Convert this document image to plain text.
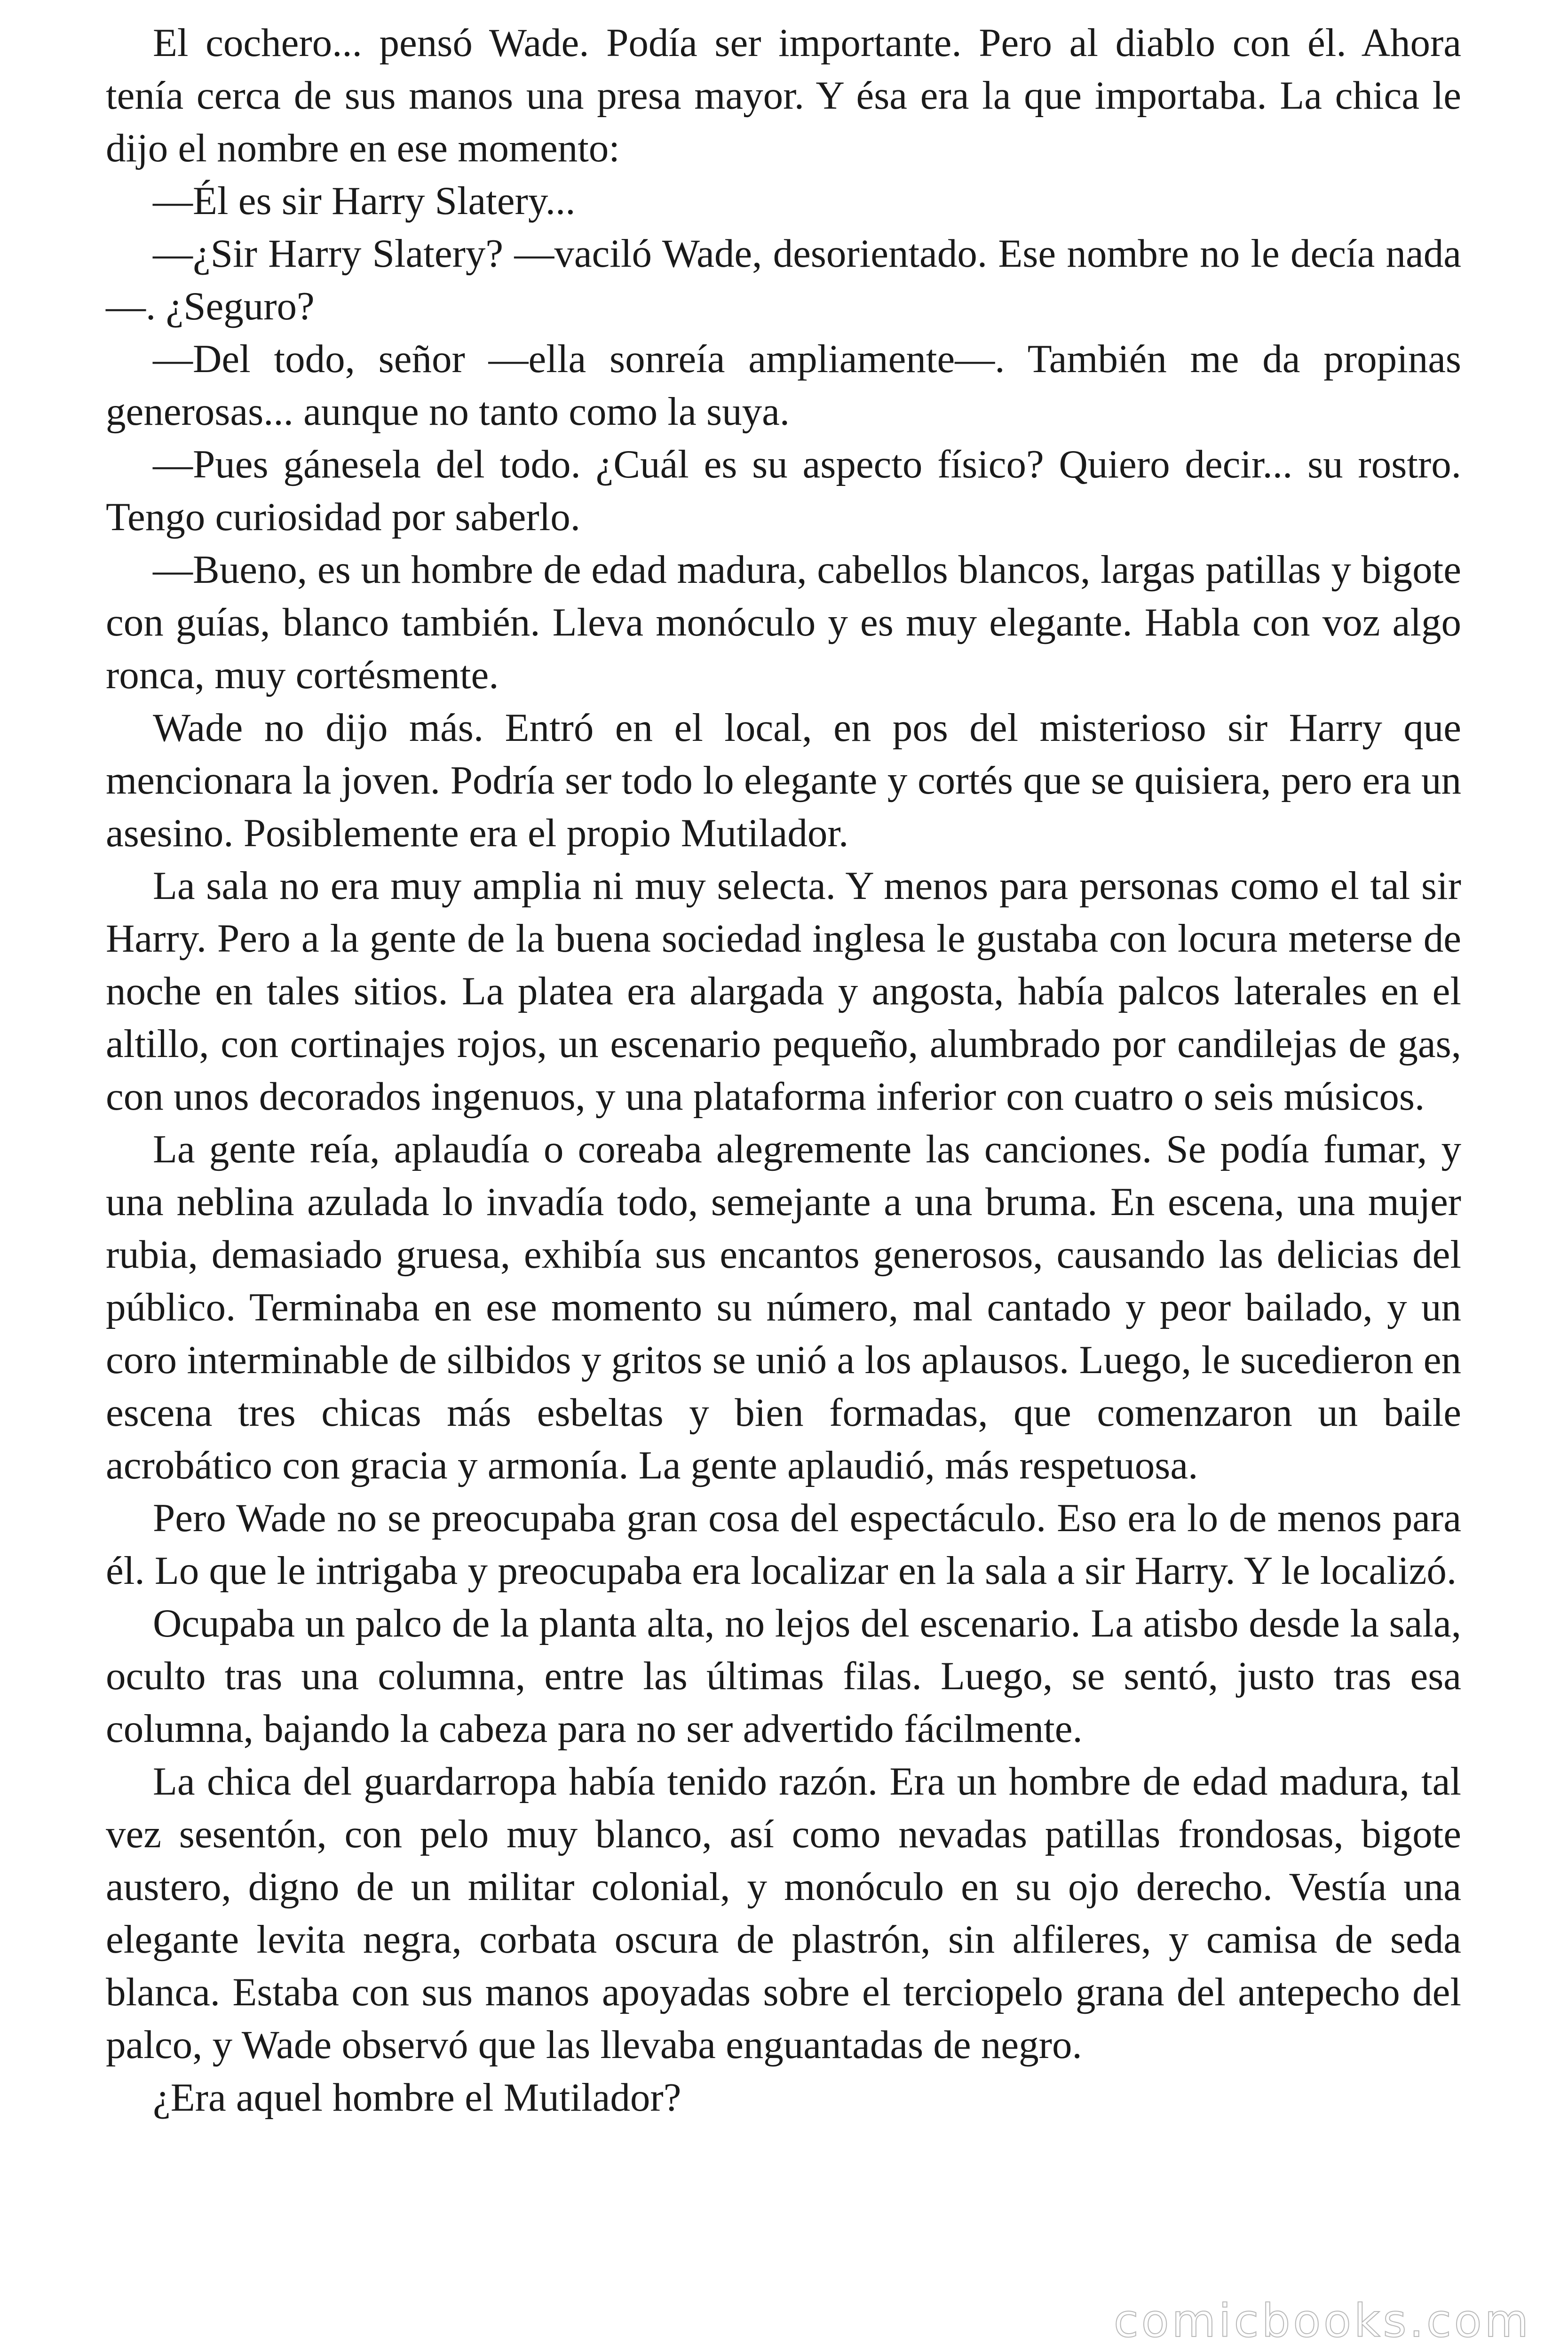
El cochero... pensó Wade. Podía ser importante. Pero al diablo con él. Ahora tenía cerca de sus manos una presa mayor. Y ésa era la que importaba. La chica le dijo el nombre en ese momento:

—Él es sir Harry Slatery...

—¿Sir Harry Slatery? —vaciló Wade, desorientado. Ese nombre no le decía nada—. ¿Seguro?

—Del todo, señor —ella sonreía ampliamente—. También me da propinas generosas... aunque no tanto como la suya.

—Pues gánesela del todo. ¿Cuál es su aspecto físico? Quiero decir... su rostro. Tengo curiosidad por saberlo.

—Bueno, es un hombre de edad madura, cabellos blancos, largas patillas y bigote con guías, blanco también. Lleva monóculo y es muy elegante. Habla con voz algo ronca, muy cortésmente.

Wade no dijo más. Entró en el local, en pos del misterioso sir Harry que mencionara la joven. Podría ser todo lo elegante y cortés que se quisiera, pero era un asesino. Posiblemente era el propio Mutilador.

La sala no era muy amplia ni muy selecta. Y menos para personas como el tal sir Harry. Pero a la gente de la buena sociedad inglesa le gustaba con locura meterse de noche en tales sitios. La platea era alargada y angosta, había palcos laterales en el altillo, con cortinajes rojos, un escenario pequeño, alumbrado por candilejas de gas, con unos decorados ingenuos, y una plataforma inferior con cuatro o seis músicos.

La gente reía, aplaudía o coreaba alegremente las canciones. Se podía fumar, y una neblina azulada lo invadía todo, semejante a una bruma. En escena, una mujer rubia, demasiado gruesa, exhibía sus encantos generosos, causando las delicias del público. Terminaba en ese momento su número, mal cantado y peor bailado, y un coro interminable de silbidos y gritos se unió a los aplausos. Luego, le sucedieron en escena tres chicas más esbeltas y bien formadas, que comenzaron un baile acrobático con gracia y armonía. La gente aplaudió, más respetuosa.

Pero Wade no se preocupaba gran cosa del espectáculo. Eso era lo de menos para él. Lo que le intrigaba y preocupaba era localizar en la sala a sir Harry. Y le localizó.

Ocupaba un palco de la planta alta, no lejos del escenario. La atisbo desde la sala, oculto tras una columna, entre las últimas filas. Luego, se sentó, justo tras esa columna, bajando la cabeza para no ser advertido fácilmente.

La chica del guardarropa había tenido razón. Era un hombre de edad madura, tal vez sesentón, con pelo muy blanco, así como nevadas patillas frondosas, bigote austero, digno de un militar colonial, y monóculo en su ojo derecho. Vestía una elegante levita negra, corbata oscura de plastrón, sin alfileres, y camisa de seda blanca. Estaba con sus manos apoyadas sobre el terciopelo grana del antepecho del palco, y Wade observó que las llevaba enguantadas de negro.

¿Era aquel hombre el Mutilador?

comicbooks.com
